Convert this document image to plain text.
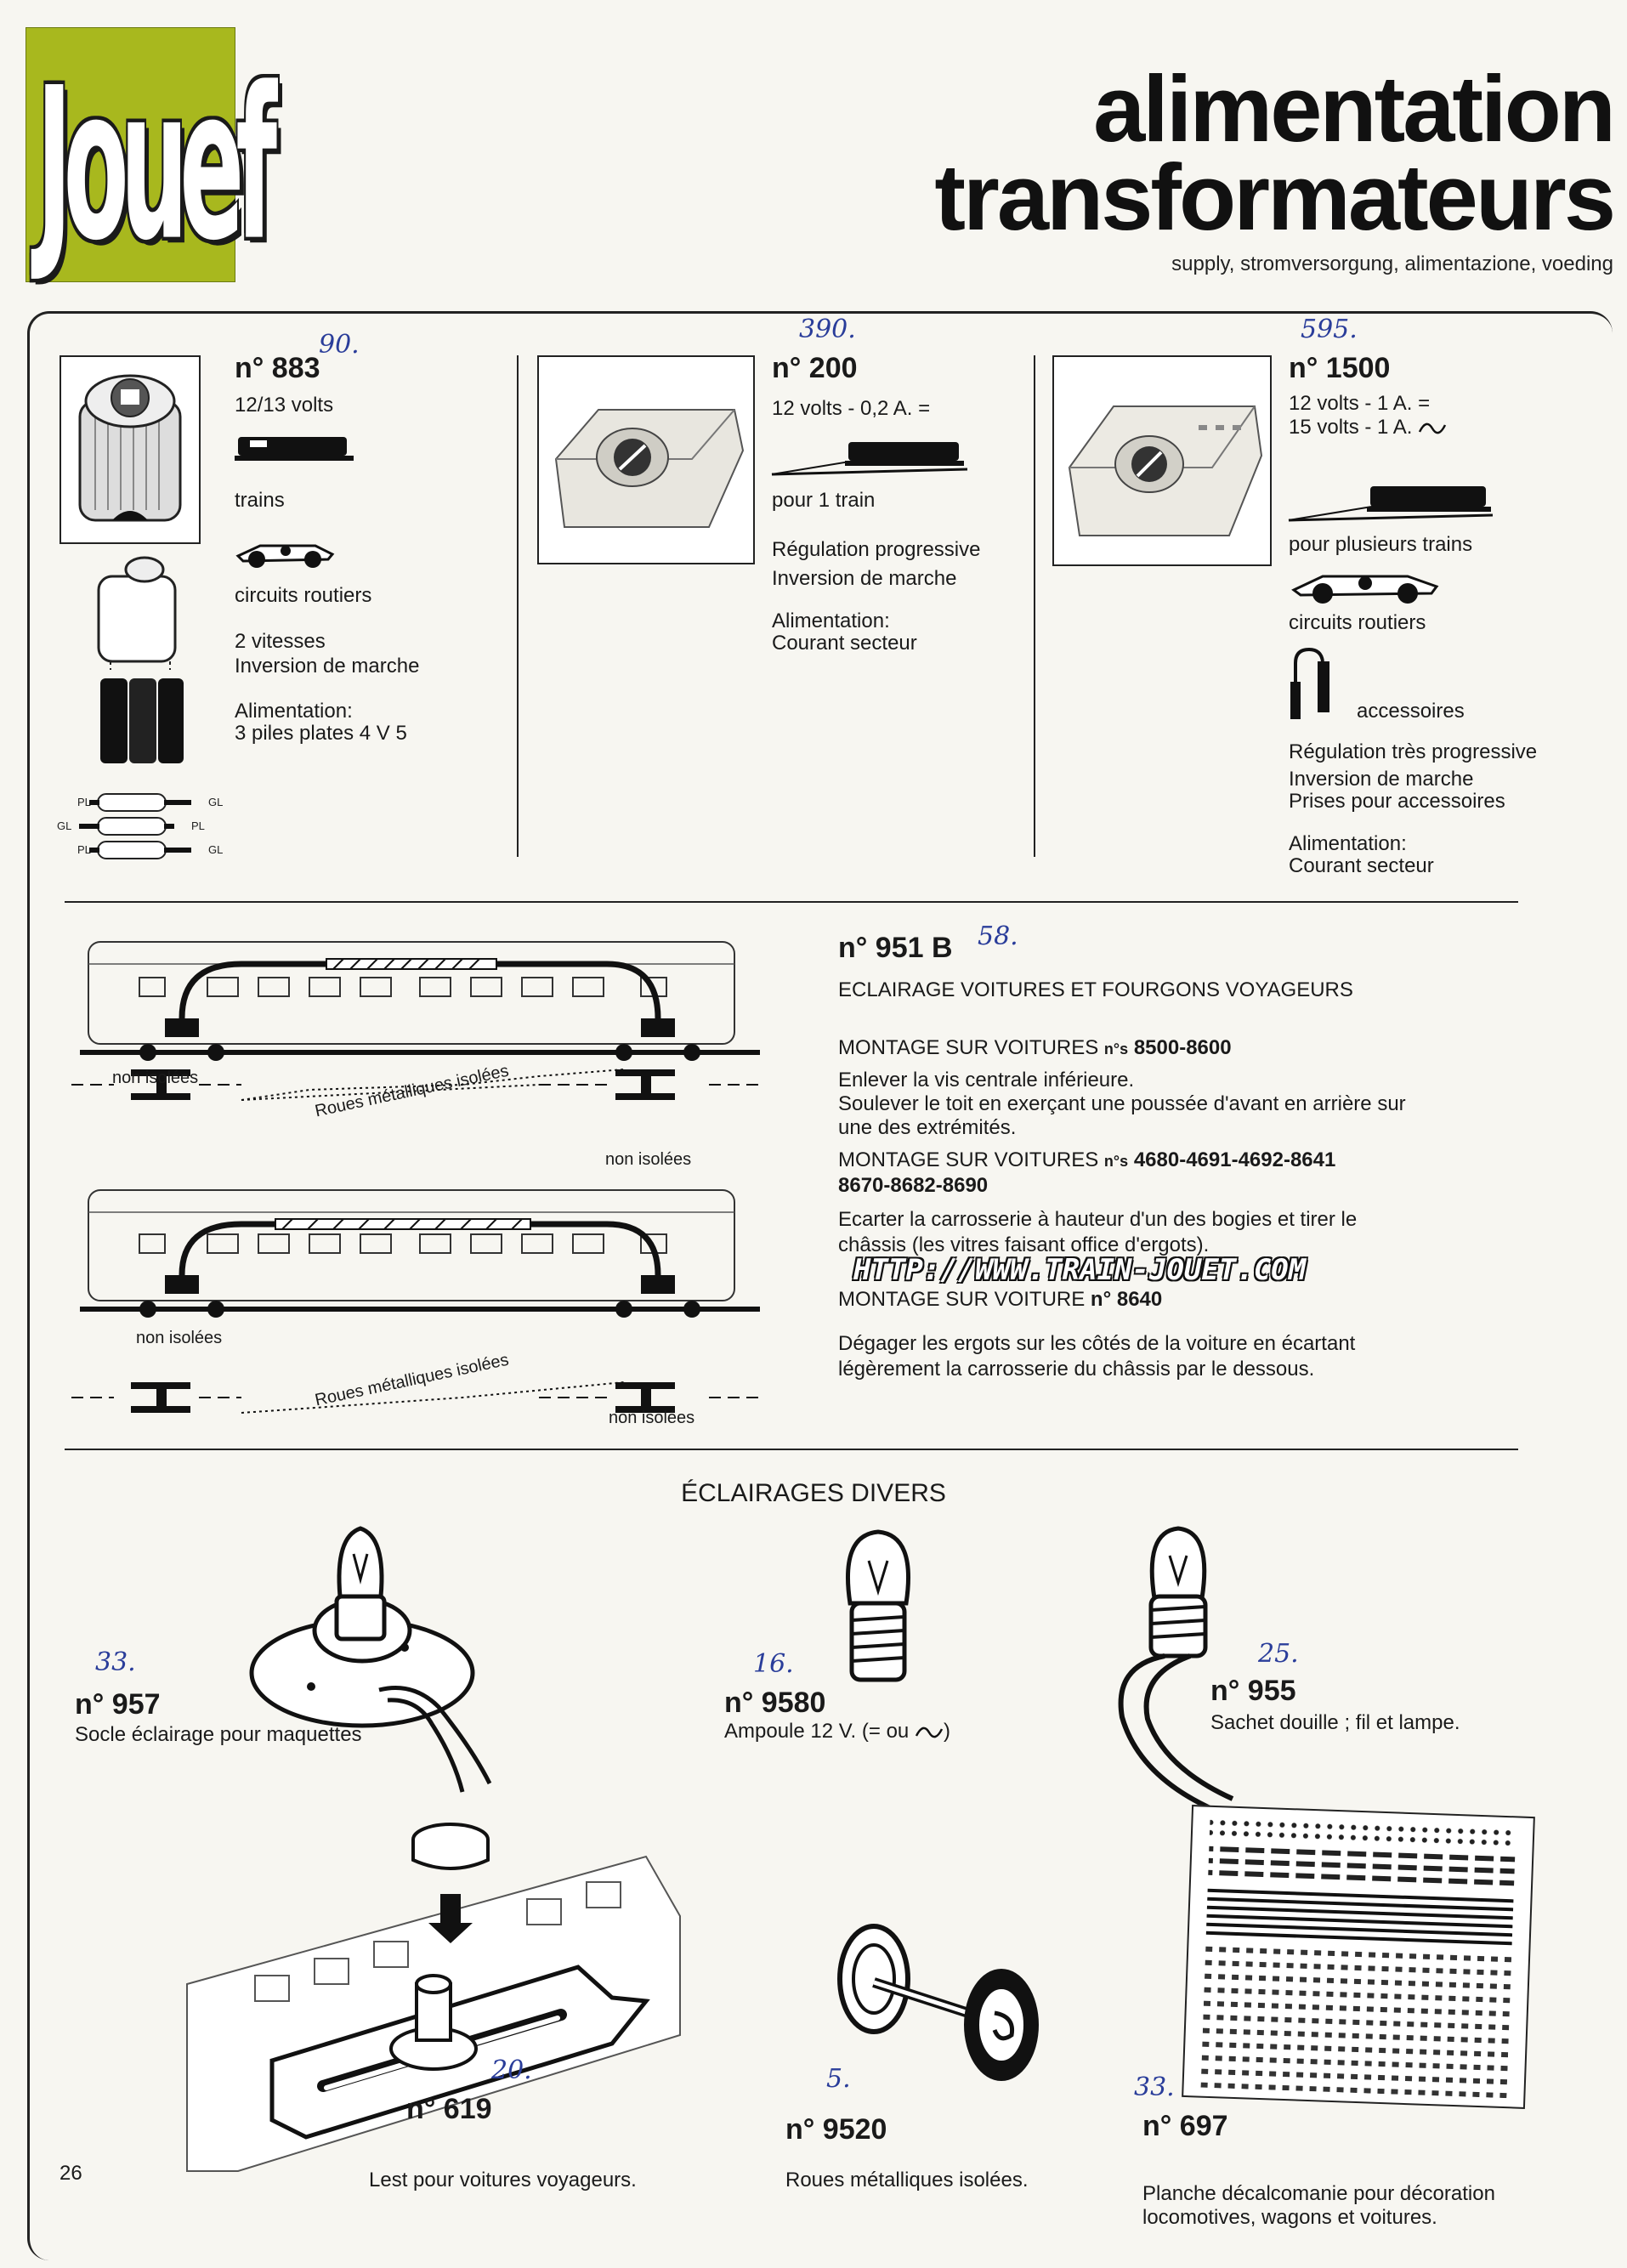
Jouef	alimentation
transformateurs
supply, stromversorgung, alimentazione, voeding
PL	GL
GL	PL
PL	GL
n° 883
90.
12/13 volts
trains
circuits routiers
2 vitesses
Inversion de marche
Alimentation:
3 piles plates 4 V 5
n° 200
390.
12 volts - 0,2 A. =
pour 1 train
Régulation progressive
Inversion de marche
Alimentation:
Courant secteur
n° 1500
595.
12 volts - 1 A. =
15 volts - 1 A.
pour plusieurs trains
circuits routiers
accessoires
Régulation très progressive
Inversion de marche
Prises pour accessoires
Alimentation:
Courant secteur
non isolées	Roues métalliques isolées
non isolées
non isolées
Roues métalliques isolées
non isolées
n° 951 B 58.
ECLAIRAGE VOITURES ET FOURGONS VOYAGEURS
MONTAGE SUR VOITURES n°s 8500-8600
Enlever la vis centrale inférieure.
Soulever le toit en exerçant une poussée d'avant en arrière sur
une des extrémités.
MONTAGE SUR VOITURES n°s 4680-4691-4692-8641
8670-8682-8690
Ecarter la carrosserie à hauteur d'un des bogies et tirer le
châssis (les vitres faisant office d'ergots).
HTTP://WWW.TRAIN-JOUET.COM
MONTAGE SUR VOITURE n° 8640
Dégager les ergots sur les côtés de la voiture en écartant
légèrement la carrosserie du châssis par le dessous.
ÉCLAIRAGES DIVERS
33.
n° 957
Socle éclairage pour maquettes
16.
n° 9580
Ampoule 12 V. (= ou )
25.
n° 955
Sachet douille ; fil et lampe.
20.
n° 619
Lest pour voitures voyageurs.
5.
n° 9520
Roues métalliques isolées.
33.
n° 697
Planche décalcomanie pour décoration
locomotives, wagons et voitures.
26
